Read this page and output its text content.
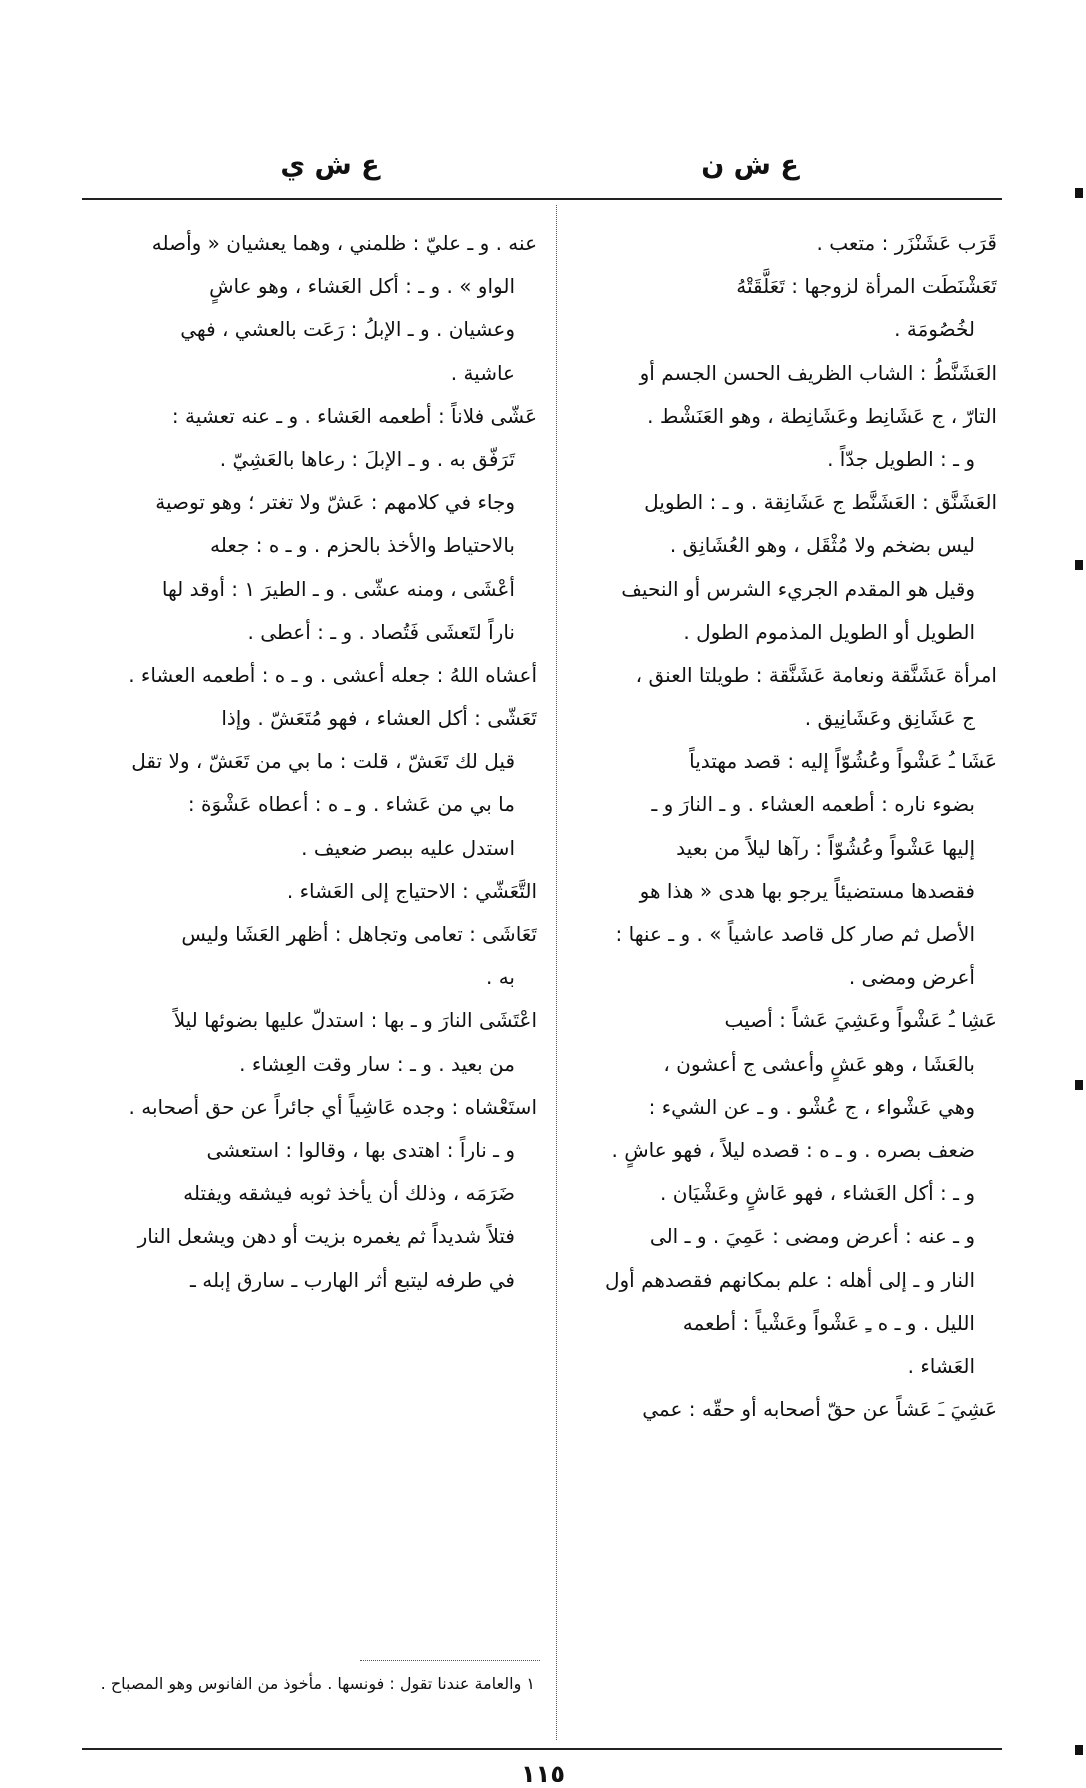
ع ش ن
ع ش ي
قَرَب عَشَنْزَر : متعب .
تَعَشْنَطَت المرأة لزوجها : تَعَلَّقَتْهُ
لخُصُومَة .
العَشَنَّطُ : الشاب الظريف الحسن الجسم أو
التارّ ، ج عَشَانِط وعَشَانِطة ، وهو العَنَشْط .
و ـ : الطويل جدّاً .
العَشَنَّق : العَشَنَّط ج عَشَانِقة . و ـ : الطويل
ليس بضخم ولا مُثْقَل ، وهو العُشَانِق .
وقيل هو المقدم الجريء الشرس أو النحيف
الطويل أو الطويل المذموم الطول .
امرأة عَشَنَّقة ونعامة عَشَنَّقة : طويلتا العنق ،
ج عَشَانِق وعَشَانِيق .
عَشَا ـُ عَشْواً وعُشُوّاً إليه : قصد مهتدياً
بضوء ناره : أطعمه العشاء . و ـ النارَ و ـ
إليها عَشْواً وعُشُوّاً : رآها ليلاً من بعيد
فقصدها مستضيئاً يرجو بها هدى « هذا هو
الأصل ثم صار كل قاصد عاشياً » . و ـ عنها :
أعرض ومضى .
عَشِا ـُ عَشْواً وعَشِيَ عَشاً : أصيب
بالعَشَا ، وهو عَشٍ وأعشى ج أعشون ،
وهي عَشْواء ، ج عُشْو . و ـ عن الشيء :
ضعف بصره . و ـ ه : قصده ليلاً ، فهو عاشٍ .
و ـ : أكل العَشاء ، فهو عَاشٍ وعَشْيَان .
و ـ عنه : أعرض ومضى : عَمِيَ . و ـ الى
النار و ـ إلى أهله : علم بمكانهم فقصدهم أول
الليل . و ـ ه ـِ عَشْواً وعَشْياً : أطعمه
العَشاء .
عَشِيَ ـَ عَشاً عن حقّ أصحابه أو حقّه : عمي
عنه . و ـ عليّ : ظلمني ، وهما يعشيان « وأصله
الواو » . و ـ : أكل العَشاء ، وهو عاشٍ
وعشيان . و ـ الإبلُ : رَعَت بالعشي ، فهي
عاشية .
عَشّى فلاناً : أطعمه العَشاء . و ـ عنه تعشية :
تَرَفّق به . و ـ الإبلَ : رعاها بالعَشِيّ .
وجاء في كلامهم : عَشّ ولا تغتر ؛ وهو توصية
بالاحتياط والأخذ بالحزم . و ـ ه : جعله
أعْشَى ، ومنه عشّى . و ـ الطيرَ ١ : أوقد لها
ناراً لتَعشَى فَتُصاد . و ـ : أعطى .
أعشاه اللهُ : جعله أعشى . و ـ ه : أطعمه العشاء .
تَعَشّى : أكل العشاء ، فهو مُتَعَشّ . وإذا
قيل لك تَعَشّ ، قلت : ما بي من تَعَشّ ، ولا تقل
ما بي من عَشاء . و ـ ه : أعطاه عَشْوَة :
استدل عليه ببصر ضعيف .
التَّعَشّي : الاحتياج إلى العَشاء .
تَعَاشَى : تعامى وتجاهل : أظهر العَشَا وليس
به .
اعْتَشَى النارَ و ـ بها : استدلّ عليها بضوئها ليلاً
من بعيد . و ـ : سار وقت العِشاء .
استَعْشاه : وجده عَاشِياً أي جائراً عن حق أصحابه .
و ـ ناراً : اهتدى بها ، وقالوا : استعشى
ضَرَمَه ، وذلك أن يأخذ ثوبه فيشقه ويفتله
فتلاً شديداً ثم يغمره بزيت أو دهن ويشعل النار
في طرفه ليتبع أثر الهارب ـ سارق إبله ـ
١ والعامة عندنا تقول : فونسها . مأخوذ من الفانوس وهو المصباح .
١١٥
